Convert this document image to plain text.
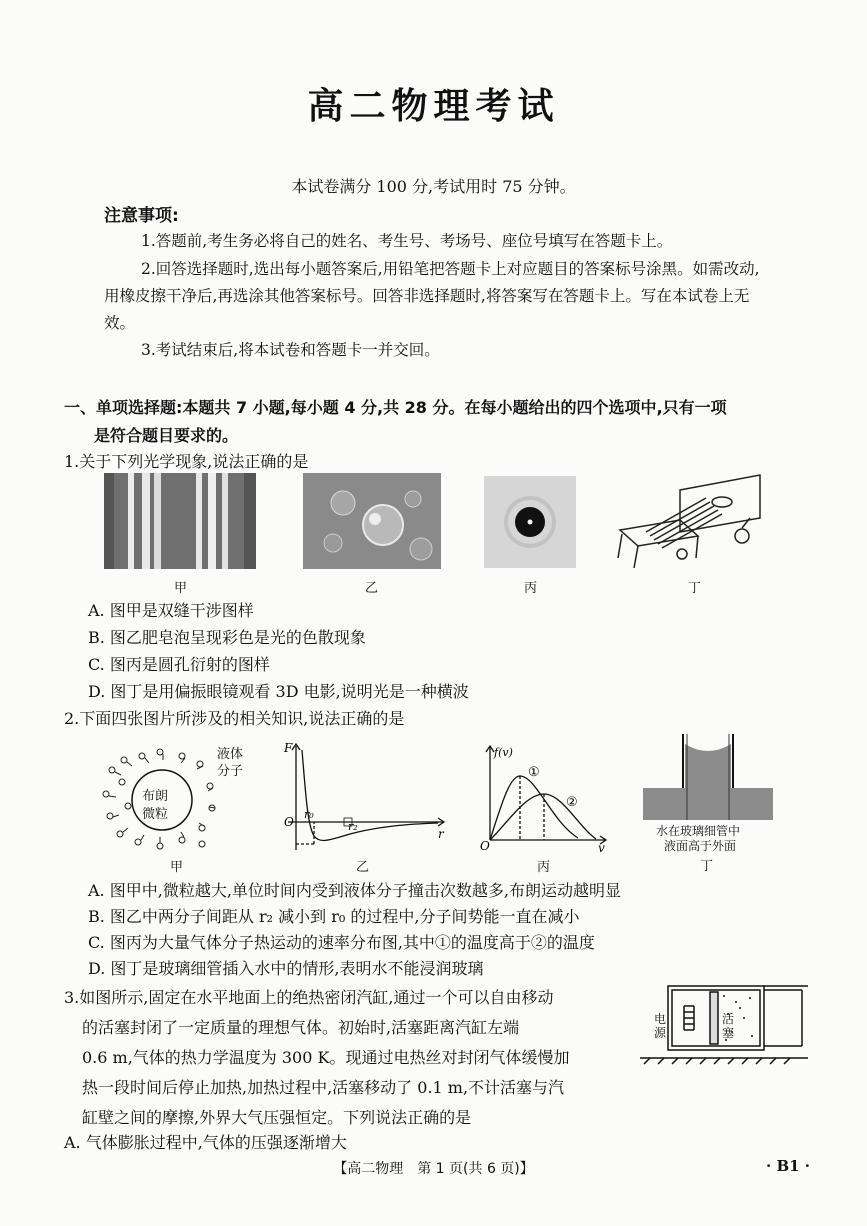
高二物理考试
本试卷满分 100 分,考试用时 75 分钟。
注意事项:
1.答题前,考生务必将自己的姓名、考生号、考场号、座位号填写在答题卡上。
2.回答选择题时,选出每小题答案后,用铅笔把答题卡上对应题目的答案标号涂黑。如需改动,用橡皮擦干净后,再选涂其他答案标号。回答非选择题时,将答案写在答题卡上。写在本试卷上无效。
3.考试结束后,将本试卷和答题卡一并交回。
一、单项选择题:本题共 7 小题,每小题 4 分,共 28 分。在每小题给出的四个选项中,只有一项
是符合题目要求的。
1.关于下列光学现象,说法正确的是
甲	乙	丙	丁
A. 图甲是双缝干涉图样
B. 图乙肥皂泡呈现彩色是光的色散现象
C. 图丙是圆孔衍射的图样
D. 图丁是用偏振眼镜观看 3D 电影,说明光是一种横波
2.下面四张图片所涉及的相关知识,说法正确的是
布朗
微粒
液体
分子
甲
F
O
r₀
r₂
r
乙
f(v)
①
②
O	v
丙
水在玻璃细管中
液面高于外面
丁
A. 图甲中,微粒越大,单位时间内受到液体分子撞击次数越多,布朗运动越明显
B. 图乙中两分子间距从 r₂ 减小到 r₀ 的过程中,分子间势能一直在减小
C. 图丙为大量气体分子热运动的速率分布图,其中①的温度高于②的温度
D. 图丁是玻璃细管插入水中的情形,表明水不能浸润玻璃
3.如图所示,固定在水平地面上的绝热密闭汽缸,通过一个可以自由移动
的活塞封闭了一定质量的理想气体。初始时,活塞距离汽缸左端
0.6 m,气体的热力学温度为 300 K。现通过电热丝对封闭气体缓慢加
热一段时间后停止加热,加热过程中,活塞移动了 0.1 m,不计活塞与汽
缸壁之间的摩擦,外界大气压强恒定。下列说法正确的是
电
源
活
塞
A. 气体膨胀过程中,气体的压强逐渐增大
【高二物理　第 1 页(共 6 页)】	· B1 ·
